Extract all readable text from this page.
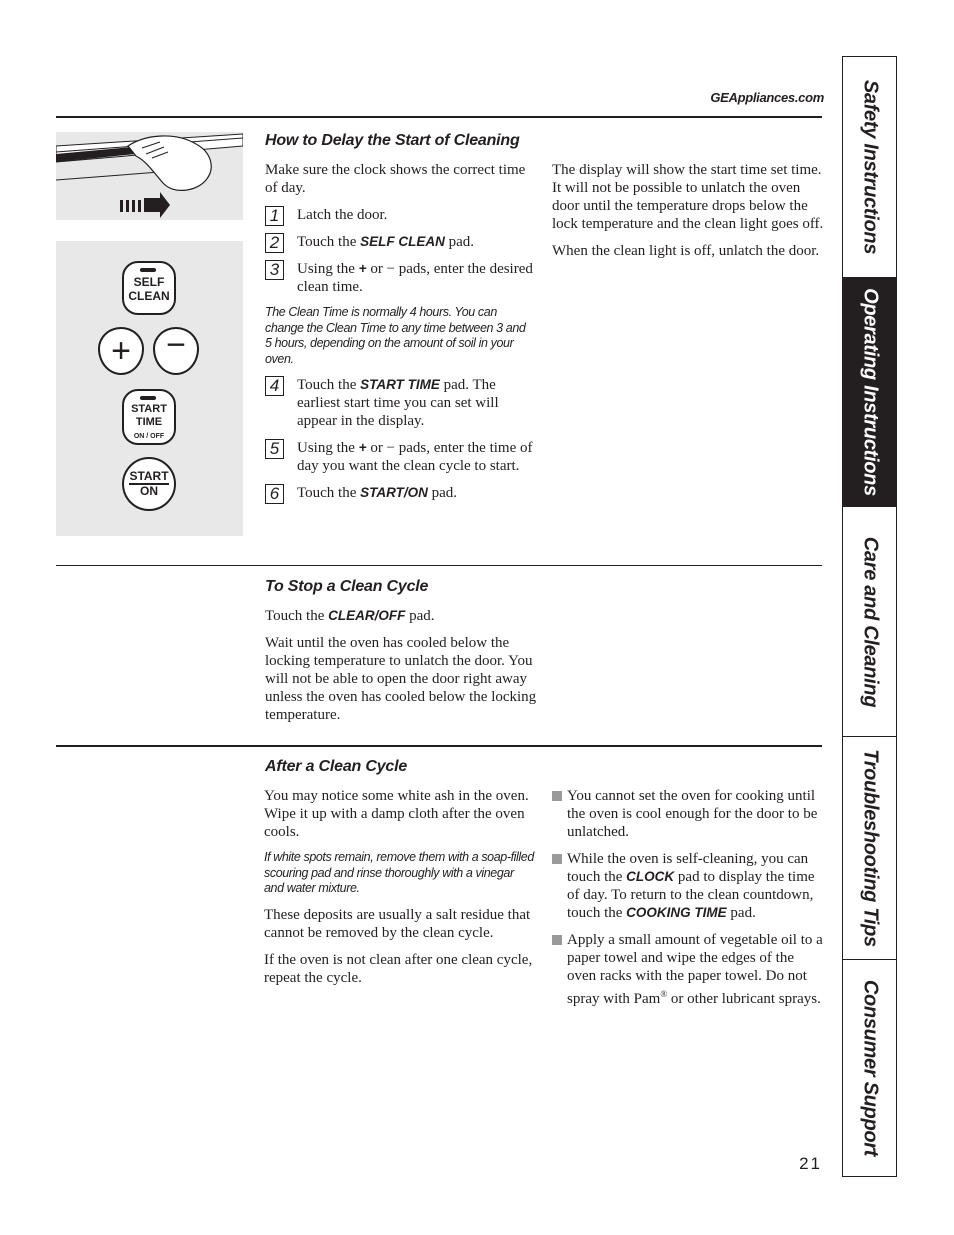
GEAppliances.com
SELF
CLEAN
+	−
START
TIME
ON / OFF
START
ON
How to Delay the Start of Cleaning

Make sure the clock shows the correct time of day.

1	Latch the door.
2	Touch the SELF CLEAN pad.
3	Using the + or − pads, enter the desired clean time.

The Clean Time is normally 4 hours. You can change the Clean Time to any time between 3 and 5 hours, depending on the amount of soil in your oven.

4	Touch the START TIME pad. The earliest start time you can set will appear in the display.
5	Using the + or − pads, enter the time of day you want the clean cycle to start.
6	Touch the START/ON pad.

The display will show the start time set time. It will not be possible to unlatch the oven door until the temperature drops below the lock temperature and the clean light goes off.

When the clean light is off, unlatch the door.

To Stop a Clean Cycle

Touch the CLEAR/OFF pad.

Wait until the oven has cooled below the locking temperature to unlatch the door. You will not be able to open the door right away unless the oven has cooled below the locking temperature.

After a Clean Cycle

You may notice some white ash in the oven. Wipe it up with a damp cloth after the oven cools.

If white spots remain, remove them with a soap-filled scouring pad and rinse thoroughly with a vinegar and water mixture.

These deposits are usually a salt residue that cannot be removed by the clean cycle.

If the oven is not clean after one clean cycle, repeat the cycle.

You cannot set the oven for cooking until the oven is cool enough for the door to be unlatched.
While the oven is self-cleaning, you can touch the CLOCK pad to display the time of day. To return to the clean countdown, touch the COOKING TIME pad.
Apply a small amount of vegetable oil to a paper towel and wipe the edges of the oven racks with the paper towel. Do not spray with Pam® or other lubricant sprays.
Safety Instructions
Operating Instructions
Care and Cleaning
Troubleshooting Tips
Consumer Support
21
